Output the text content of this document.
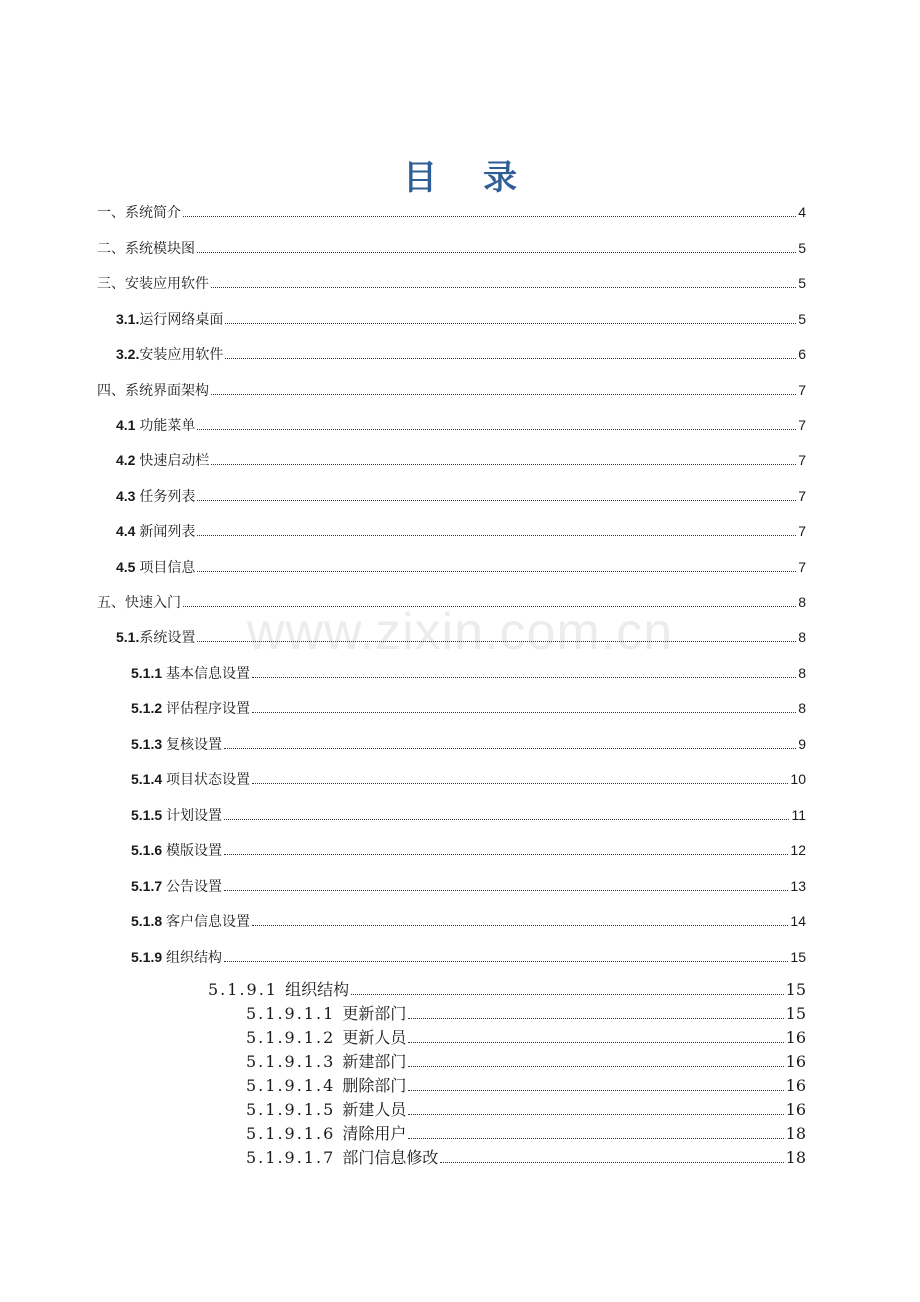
目 录
www.zixin.com.cn
一、系统简介	4
二、系统模块图	5
三、安装应用软件	5
3.1.运行网络桌面	5
3.2.安装应用软件	6
四、系统界面架构	7
4.1 功能菜单	7
4.2 快速启动栏	7
4.3 任务列表	7
4.4 新闻列表	7
4.5 项目信息	7
五、快速入门	8
5.1.系统设置	8
5.1.1 基本信息设置	8
5.1.2 评估程序设置	8
5.1.3 复核设置	9
5.1.4 项目状态设置	10
5.1.5 计划设置	11
5.1.6 模版设置	12
5.1.7 公告设置	13
5.1.8 客户信息设置	14
5.1.9 组织结构	15
5.1.9.1 组织结构	15
5.1.9.1.1 更新部门	15
5.1.9.1.2 更新人员	16
5.1.9.1.3 新建部门	16
5.1.9.1.4 删除部门	16
5.1.9.1.5 新建人员	16
5.1.9.1.6 清除用户	18
5.1.9.1.7 部门信息修改	18
